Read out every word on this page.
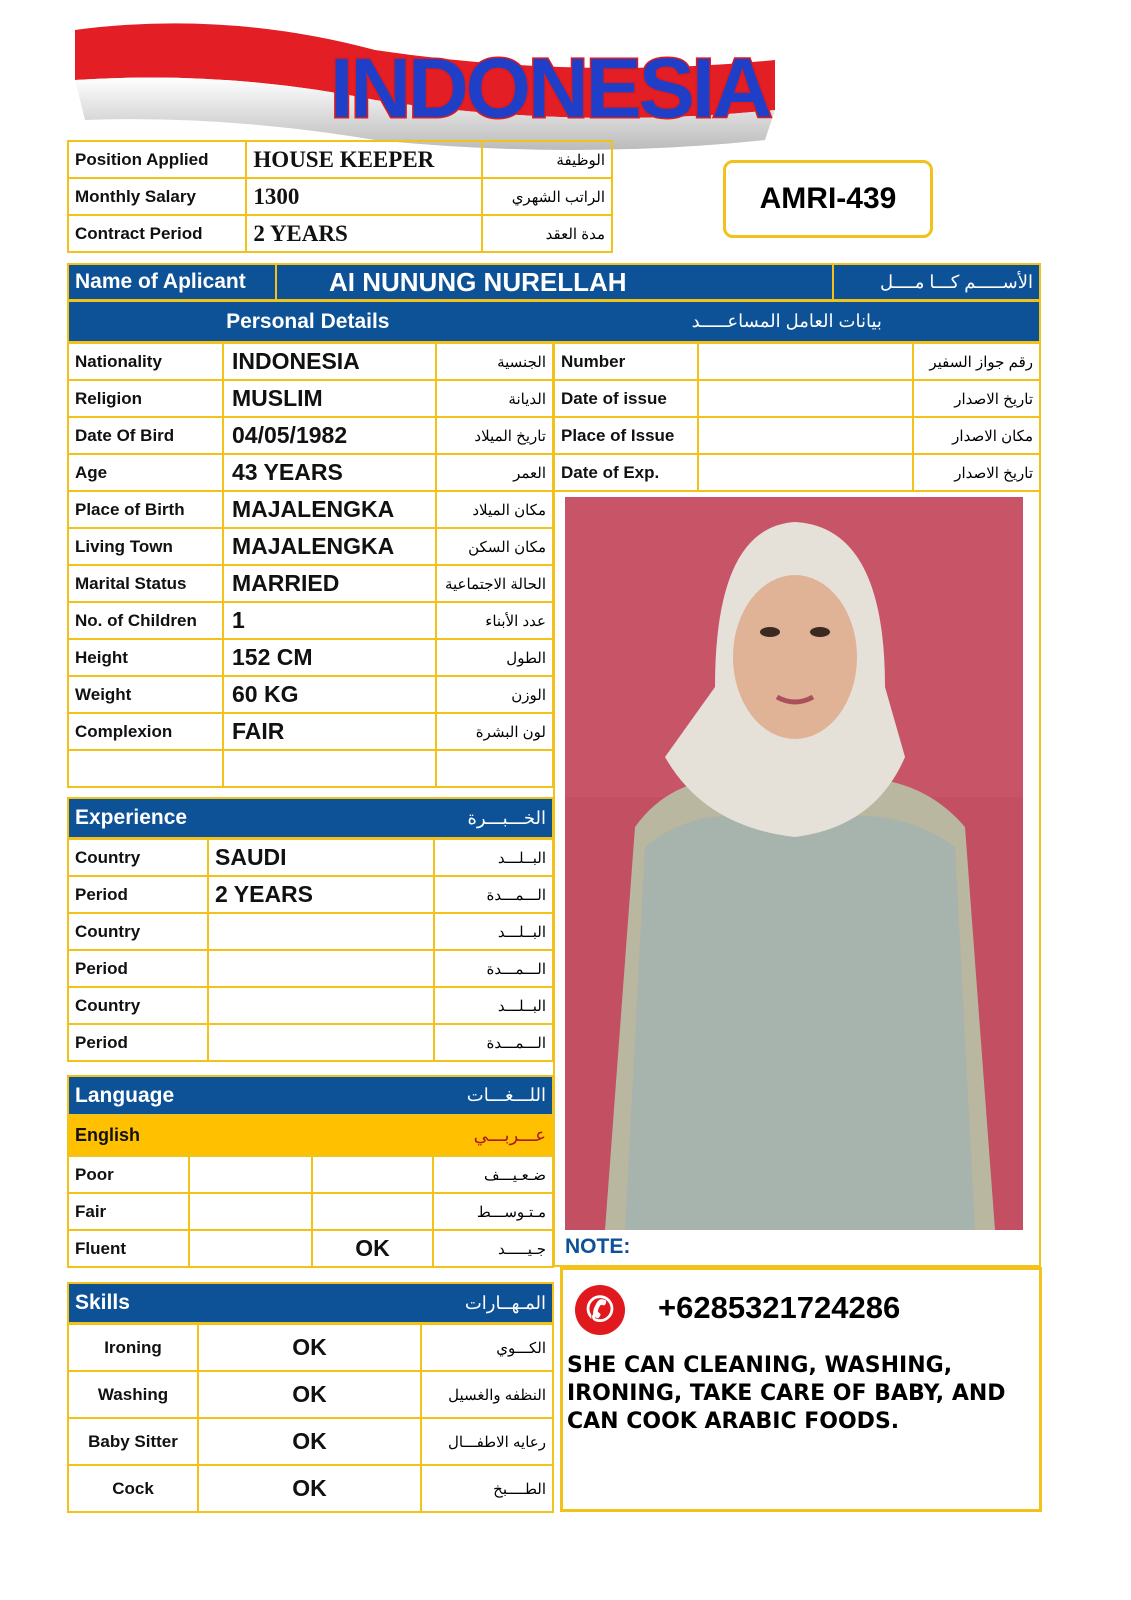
INDONESIA
Position Applied	HOUSE KEEPER	الوظيفة
Monthly Salary	1300	الراتب الشهري
Contract Period	2 YEARS	مدة العقد
AMRI-439
Name of Aplicant	AI NUNUNG NURELLAH	الأســـــم كـــا مــــل
Personal Details	بيانات العامل المساعـــــد
Nationality	INDONESIA	الجنسية
Religion	MUSLIM	الديانة
Date Of Bird	04/05/1982	تاريخ الميلاد
Age	43 YEARS	العمر
Place of Birth	MAJALENGKA	مكان الميلاد
Living Town	MAJALENGKA	مكان السكن
Marital Status	MARRIED	الحالة الاجتماعية
No. of Children	1	عدد الأبناء
Height	152 CM	الطول
Weight	60 KG	الوزن
Complexion	FAIR	لون البشرة

Number		رقم جواز السفير
Date of issue		تاريخ الاصدار
Place of Issue		مكان الاصدار
Date of Exp.		تاريخ الاصدار
NOTE:
Experience	الخـــبـــرة
Country	SAUDI	البــلـــد
Period	2 YEARS	الـــمـــدة
Country		البــلـــد
Period		الـــمـــدة
Country		البــلـــد
Period		الـــمـــدة
Language	اللـــغـــات
English	عـــربـــي
Poor			ضـعـيـــف
Fair			مـتـوســـط
Fluent		OK	جـيـــــد
Skills	المـهــارات
Ironing	OK	الكـــوي
Washing	OK	النظفه والغسيل
Baby Sitter	OK	رعايه الاطفـــال
Cock	OK	الطــــبخ
✆	+6285321724286
SHE CAN CLEANING, WASHING, IRONING, TAKE CARE OF BABY, AND CAN COOK ARABIC FOODS.
